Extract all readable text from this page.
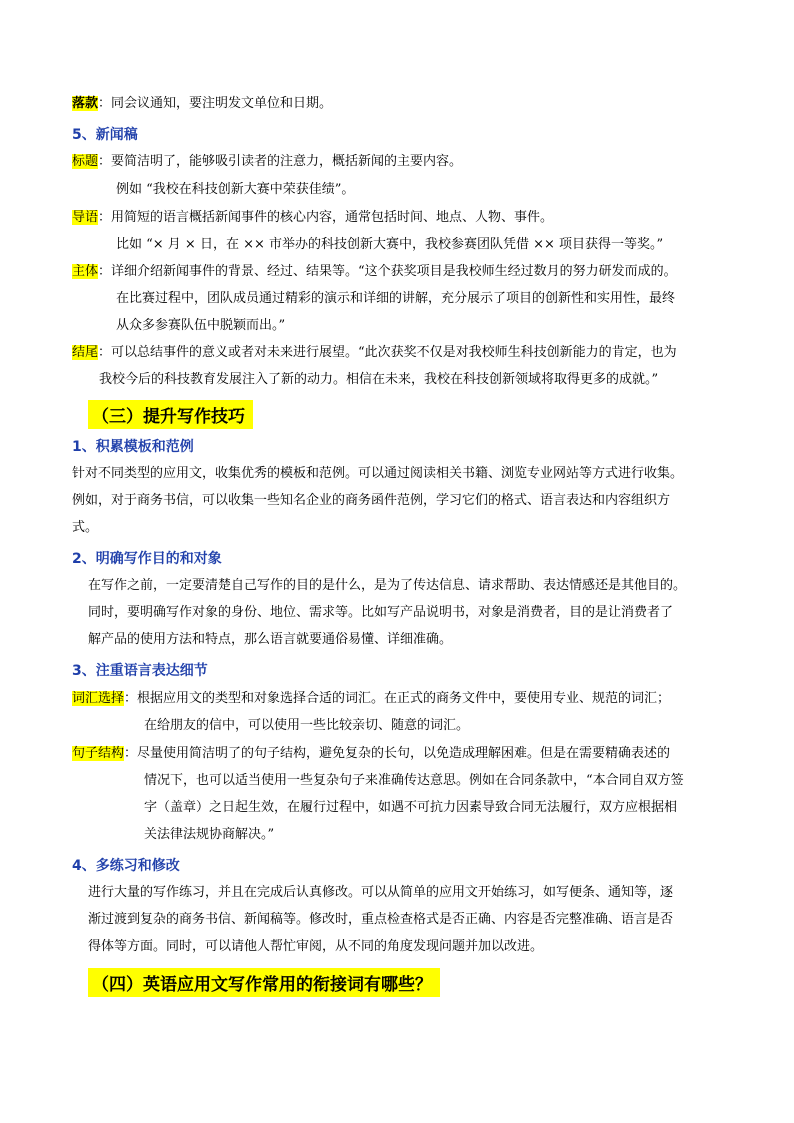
落款：同会议通知，要注明发文单位和日期。
5、新闻稿
标题：要简洁明了，能够吸引读者的注意力，概括新闻的主要内容。
例如 “我校在科技创新大赛中荣获佳绩”。
导语：用简短的语言概括新闻事件的核心内容，通常包括时间、地点、人物、事件。
比如 “× 月 × 日，在 ×× 市举办的科技创新大赛中，我校参赛团队凭借 ×× 项目获得一等奖。”
主体：详细介绍新闻事件的背景、经过、结果等。“这个获奖项目是我校师生经过数月的努力研发而成的。
在比赛过程中，团队成员通过精彩的演示和详细的讲解，充分展示了项目的创新性和实用性，最终
从众多参赛队伍中脱颖而出。”
结尾：可以总结事件的意义或者对未来进行展望。“此次获奖不仅是对我校师生科技创新能力的肯定，也为
我校今后的科技教育发展注入了新的动力。相信在未来，我校在科技创新领域将取得更多的成就。”
（三）提升写作技巧
1、积累模板和范例
针对不同类型的应用文，收集优秀的模板和范例。可以通过阅读相关书籍、浏览专业网站等方式进行收集。
例如，对于商务书信，可以收集一些知名企业的商务函件范例，学习它们的格式、语言表达和内容组织方
式。
2、明确写作目的和对象
在写作之前，一定要清楚自己写作的目的是什么，是为了传达信息、请求帮助、表达情感还是其他目的。
同时，要明确写作对象的身份、地位、需求等。比如写产品说明书，对象是消费者，目的是让消费者了
解产品的使用方法和特点，那么语言就要通俗易懂、详细准确。
3、注重语言表达细节
词汇选择：根据应用文的类型和对象选择合适的词汇。在正式的商务文件中，要使用专业、规范的词汇；
在给朋友的信中，可以使用一些比较亲切、随意的词汇。
句子结构：尽量使用简洁明了的句子结构，避免复杂的长句，以免造成理解困难。但是在需要精确表述的
情况下，也可以适当使用一些复杂句子来准确传达意思。例如在合同条款中，“本合同自双方签
字（盖章）之日起生效，在履行过程中，如遇不可抗力因素导致合同无法履行，双方应根据相
关法律法规协商解决。”
4、多练习和修改
进行大量的写作练习，并且在完成后认真修改。可以从简单的应用文开始练习，如写便条、通知等，逐
渐过渡到复杂的商务书信、新闻稿等。修改时，重点检查格式是否正确、内容是否完整准确、语言是否
得体等方面。同时，可以请他人帮忙审阅，从不同的角度发现问题并加以改进。
（四）英语应用文写作常用的衔接词有哪些？
